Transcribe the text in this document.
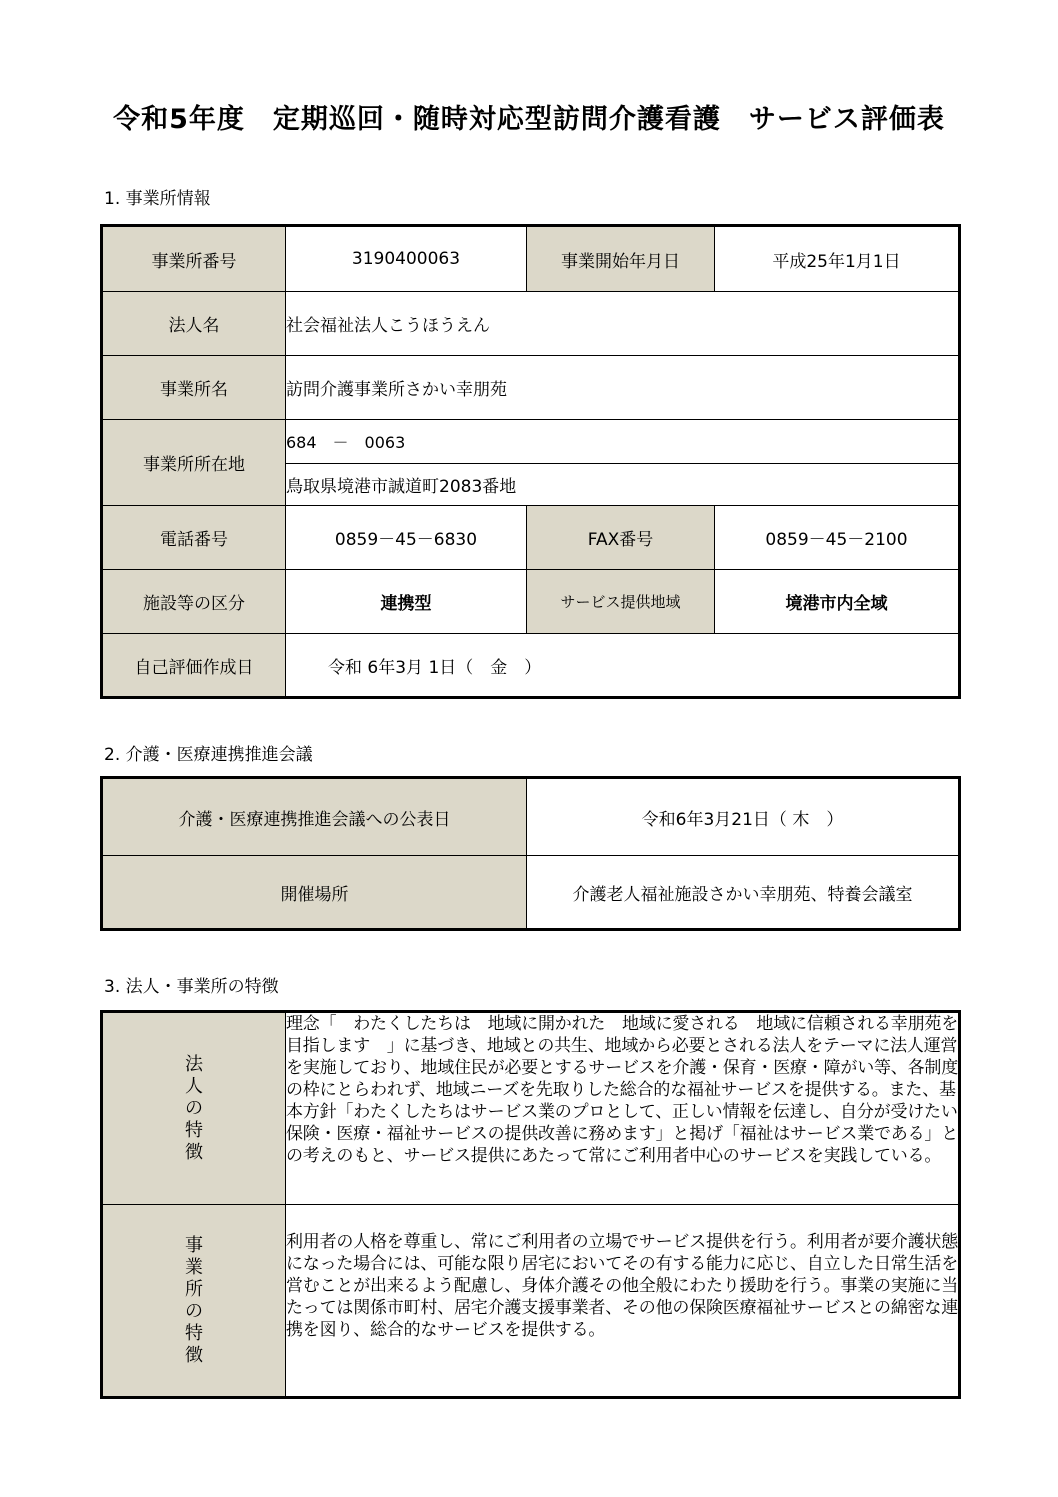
令和5年度　定期巡回・随時対応型訪問介護看護　サービス評価表
1. 事業所情報
事業所番号	3190400063	事業開始年月日	平成25年1月1日
法人名	社会福祉法人こうほうえん		
事業所名	訪問介護事業所さかい幸朋苑		
事業所所在地	684　－　0063		
	鳥取県境港市誠道町2083番地		
電話番号	0859－45－6830	FAX番号	0859－45－2100
施設等の区分	連携型	サービス提供地域	境港市内全域
自己評価作成日	令和 6年3月 1日（　金　）		
2. 介護・医療連携推進会議
介護・医療連携推進会議への公表日	令和6年3月21日（ 木　）
開催場所	介護老人福祉施設さかい幸朋苑、特養会議室
3. 法人・事業所の特徴
法人の特徴	理念「　わたくしたちは　地域に開かれた　地域に愛される　地域に信頼される幸朋苑を目指します　」に基づき、地域との共生、地域から必要とされる法人をテーマに法人運営を実施しており、地域住民が必要とするサービスを介護・保育・医療・障がい等、各制度の枠にとらわれず、地域ニーズを先取りした総合的な福祉サービスを提供する。また、基本方針「わたくしたちはサービス業のプロとして、正しい情報を伝達し、自分が受けたい保険・医療・福祉サービスの提供改善に務めます」と掲げ「福祉はサービス業である」との考えのもと、サービス提供にあたって常にご利用者中心のサービスを実践している。
事業所の特徴	利用者の人格を尊重し、常にご利用者の立場でサービス提供を行う。利用者が要介護状態になった場合には、可能な限り居宅においてその有する能力に応じ、自立した日常生活を営むことが出来るよう配慮し、身体介護その他全般にわたり援助を行う。事業の実施に当たっては関係市町村、居宅介護支援事業者、その他の保険医療福祉サービスとの綿密な連携を図り、総合的なサービスを提供する。
